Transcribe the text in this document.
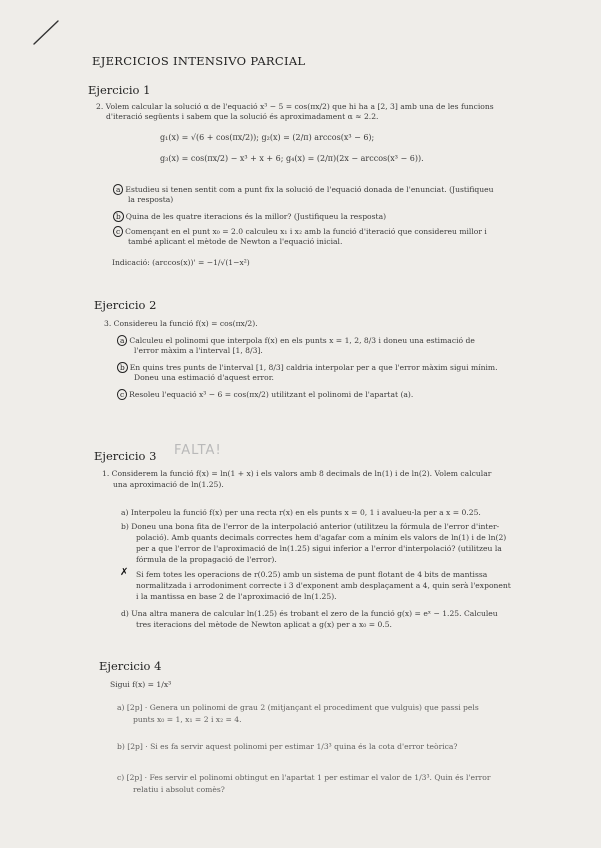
EJERCICIOS INTENSIVO PARCIAL
Ejercicio 1
2. Volem calcular la solució α de l'equació x³ − 5 = cos(πx/2) que hi ha a [2, 3] amb una de les funcions
d'iteració següents i sabem que la solució és aproximadament α ≈ 2.2.
g₁(x) = √(6 + cos(πx/2)); g₂(x) = (2/π) arccos(x³ − 6);
g₃(x) = cos(πx/2) − x³ + x + 6; g₄(x) = (2/π)(2x − arccos(x³ − 6)).
a Estudieu si tenen sentit com a punt fix la solució de l'equació donada de l'enunciat. (Justifiqueu
la resposta)
b Quina de les quatre iteracions és la millor? (Justifiqueu la resposta)
c Començant en el punt x₀ = 2.0 calculeu x₁ i x₂ amb la funció d'iteració que considereu millor i
també aplicant el mètode de Newton a l'equació inicial.
Indicació: (arccos(x))' = −1/√(1−x²)
Ejercicio 2
3. Considereu la funció f(x) = cos(πx/2).
a Calculeu el polinomi que interpola f(x) en els punts x = 1, 2, 8/3 i doneu una estimació de
l'error màxim a l'interval [1, 8/3].
b En quins tres punts de l'interval [1, 8/3] caldria interpolar per a que l'error màxim sigui mínim.
Doneu una estimació d'aquest error.
c Resoleu l'equació x³ − 6 = cos(πx/2) utilitzant el polinomi de l'apartat (a).
Ejercicio 3 FALTA!
1. Considerem la funció f(x) = ln(1 + x) i els valors amb 8 decimals de ln(1) i de ln(2). Volem calcular
una aproximació de ln(1.25).
a) Interpoleu la funció f(x) per una recta r(x) en els punts x = 0, 1 i avalueu-la per a x = 0.25.
b) Doneu una bona fita de l'error de la interpolació anterior (utilitzeu la fórmula de l'error d'inter-
polació). Amb quants decimals correctes hem d'agafar com a mínim els valors de ln(1) i de ln(2)
per a que l'error de l'aproximació de ln(1.25) sigui inferior a l'error d'interpolació? (utilitzeu la
fórmula de la propagació de l'error).
✗ Si fem totes les operacions de r(0.25) amb un sistema de punt flotant de 4 bits de mantissa
normalitzada i arrodoniment correcte i 3 d'exponent amb desplaçament a 4, quin serà l'exponent
i la mantissa en base 2 de l'aproximació de ln(1.25).
d) Una altra manera de calcular ln(1.25) és trobant el zero de la funció g(x) = eˣ − 1.25. Calculeu
tres iteracions del mètode de Newton aplicat a g(x) per a x₀ = 0.5.
Ejercicio 4
Sigui f(x) = 1/x³
a) [2p] · Genera un polinomi de grau 2 (mitjançant el procediment que vulguis) que passi pels
punts x₀ = 1, x₁ = 2 i x₂ = 4.
b) [2p] · Si es fa servir aquest polinomi per estimar 1/3³ quina és la cota d'error teòrica?
c) [2p] · Fes servir el polinomi obtingut en l'apartat 1 per estimar el valor de 1/3³. Quin és l'error
relatiu i absolut comès?
